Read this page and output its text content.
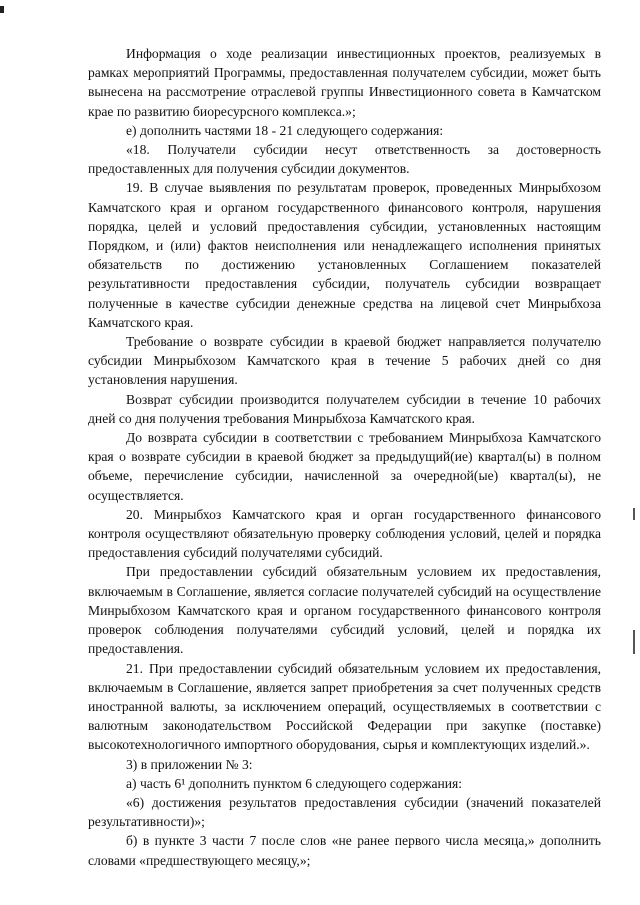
Информация о ходе реализации инвестиционных проектов, реализуемых в рамках мероприятий Программы, предоставленная получателем субсидии, может быть вынесена на рассмотрение отраслевой группы Инвестиционного совета в Камчатском крае по развитию биоресурсного комплекса.»;

е) дополнить частями 18 - 21 следующего содержания:

«18. Получатели субсидии несут ответственность за достоверность предоставленных для получения субсидии документов.

19. В случае выявления по результатам проверок, проведенных Минрыбхозом Камчатского края и органом государственного финансового контроля, нарушения порядка, целей и условий предоставления субсидии, установленных настоящим Порядком, и (или) фактов неисполнения или ненадлежащего исполнения принятых обязательств по достижению установленных Соглашением показателей результативности предоставления субсидии, получатель субсидии возвращает полученные в качестве субсидии денежные средства на лицевой счет Минрыбхоза Камчатского края.

Требование о возврате субсидии в краевой бюджет направляется получателю субсидии Минрыбхозом Камчатского края в течение 5 рабочих дней со дня установления нарушения.

Возврат субсидии производится получателем субсидии в течение 10 рабочих дней со дня получения требования Минрыбхоза Камчатского края.

До возврата субсидии в соответствии с требованием Минрыбхоза Камчатского края о возврате субсидии в краевой бюджет за предыдущий(ие) квартал(ы) в полном объеме, перечисление субсидии, начисленной за очередной(ые) квартал(ы), не осуществляется.

20. Минрыбхоз Камчатского края и орган государственного финансового контроля осуществляют обязательную проверку соблюдения условий, целей и порядка предоставления субсидий получателями субсидий.

При предоставлении субсидий обязательным условием их предоставления, включаемым в Соглашение, является согласие получателей субсидий на осуществление Минрыбхозом Камчатского края и органом государственного финансового контроля проверок соблюдения получателями субсидий условий, целей и порядка их предоставления.

21. При предоставлении субсидий обязательным условием их предоставления, включаемым в Соглашение, является запрет приобретения за счет полученных средств иностранной валюты, за исключением операций, осуществляемых в соответствии с валютным законодательством Российской Федерации при закупке (поставке) высокотехнологичного импортного оборудования, сырья и комплектующих изделий.».

3) в приложении № 3:

а) часть 6¹ дополнить пунктом 6 следующего содержания:

«6) достижения результатов предоставления субсидии (значений показателей результативности)»;

б) в пункте 3 части 7 после слов «не ранее первого числа месяца,» дополнить словами «предшествующего месяцу,»;
